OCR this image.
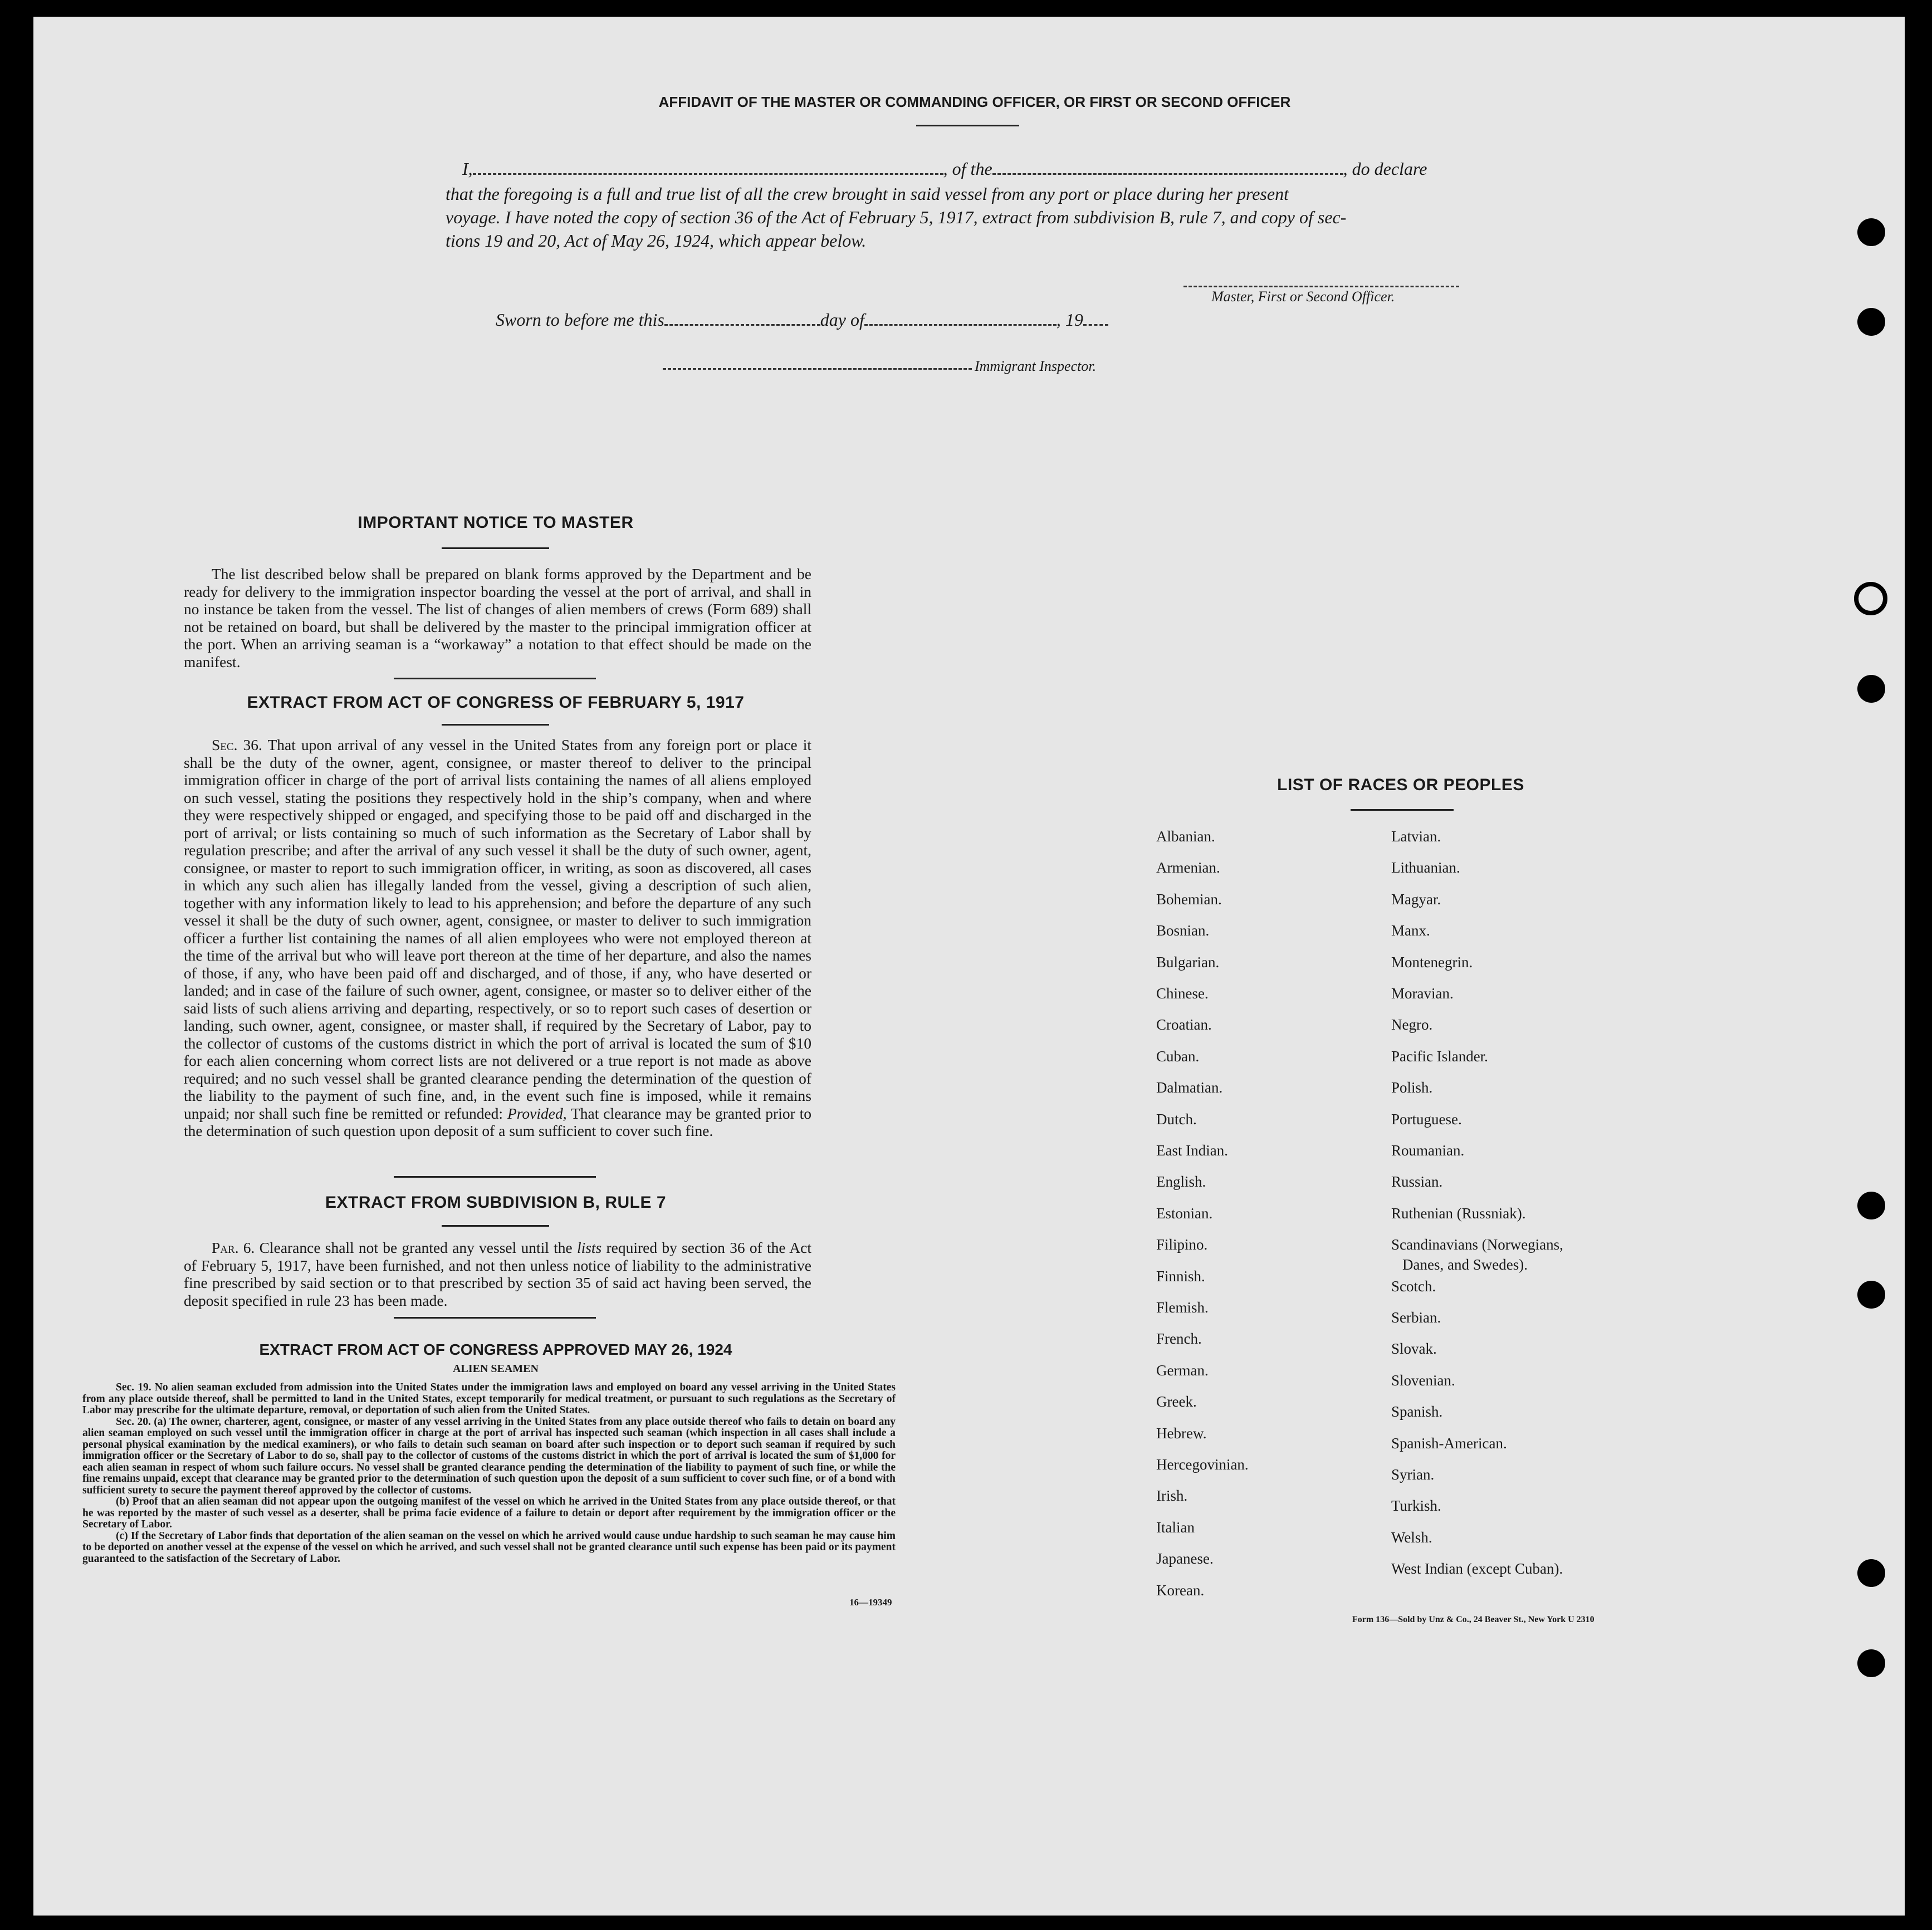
AFFIDAVIT OF THE MASTER OR COMMANDING OFFICER, OR FIRST OR SECOND OFFICER
I,	, of the	, do declare
that the foregoing is a full and true list of all the crew brought in said vessel from any port or place during her present
voyage. I have noted the copy of section 36 of the Act of February 5, 1917, extract from subdivision B, rule 7, and copy of sec-
tions 19 and 20, Act of May 26, 1924, which appear below.
Master, First or Second Officer.
Sworn to before me this	day of	, 19
Immigrant Inspector.
IMPORTANT NOTICE TO MASTER
The list described below shall be prepared on blank forms approved by the Department and be ready for delivery to the immigration inspector boarding the vessel at the port of arrival, and shall in no instance be taken from the vessel. The list of changes of alien members of crews (Form 689) shall not be retained on board, but shall be delivered by the master to the principal immigration officer at the port. When an arriving seaman is a “workaway” a notation to that effect should be made on the manifest.
EXTRACT FROM ACT OF CONGRESS OF FEBRUARY 5, 1917
Sec. 36. That upon arrival of any vessel in the United States from any foreign port or place it shall be the duty of the owner, agent, consignee, or master thereof to deliver to the principal immigration officer in charge of the port of arrival lists containing the names of all aliens employed on such vessel, stating the positions they respectively hold in the ship’s company, when and where they were respectively shipped or engaged, and specifying those to be paid off and discharged in the port of arrival; or lists containing so much of such information as the Secretary of Labor shall by regulation prescribe; and after the arrival of any such vessel it shall be the duty of such owner, agent, consignee, or master to report to such immigration officer, in writing, as soon as discovered, all cases in which any such alien has illegally landed from the vessel, giving a description of such alien, together with any information likely to lead to his apprehension; and before the departure of any such vessel it shall be the duty of such owner, agent, consignee, or master to deliver to such immigration officer a further list containing the names of all alien employees who were not employed thereon at the time of the arrival but who will leave port thereon at the time of her departure, and also the names of those, if any, who have been paid off and discharged, and of those, if any, who have deserted or landed; and in case of the failure of such owner, agent, consignee, or master so to deliver either of the said lists of such aliens arriving and departing, respectively, or so to report such cases of desertion or landing, such owner, agent, consignee, or master shall, if required by the Secretary of Labor, pay to the collector of customs of the customs district in which the port of arrival is located the sum of $10 for each alien concerning whom correct lists are not delivered or a true report is not made as above required; and no such vessel shall be granted clearance pending the determination of the question of the liability to the payment of such fine, and, in the event such fine is imposed, while it remains unpaid; nor shall such fine be remitted or refunded: Provided, That clearance may be granted prior to the determination of such question upon deposit of a sum sufficient to cover such fine.
EXTRACT FROM SUBDIVISION B, RULE 7
Par. 6. Clearance shall not be granted any vessel until the lists required by section 36 of the Act of February 5, 1917, have been furnished, and not then unless notice of liability to the administrative fine prescribed by said section or to that prescribed by section 35 of said act having been served, the deposit specified in rule 23 has been made.
EXTRACT FROM ACT OF CONGRESS APPROVED MAY 26, 1924
ALIEN SEAMEN
Sec. 19. No alien seaman excluded from admission into the United States under the immigration laws and employed on board any vessel arriving in the United States from any place outside thereof, shall be permitted to land in the United States, except temporarily for medical treatment, or pursuant to such regulations as the Secretary of Labor may prescribe for the ultimate departure, removal, or deportation of such alien from the United States.
Sec. 20. (a) The owner, charterer, agent, consignee, or master of any vessel arriving in the United States from any place outside thereof who fails to detain on board any alien seaman employed on such vessel until the immigration officer in charge at the port of arrival has inspected such seaman (which inspection in all cases shall include a personal physical examination by the medical examiners), or who fails to detain such seaman on board after such inspection or to deport such seaman if required by such immigration officer or the Secretary of Labor to do so, shall pay to the collector of customs of the customs district in which the port of arrival is located the sum of $1,000 for each alien seaman in respect of whom such failure occurs. No vessel shall be granted clearance pending the determination of the liability to payment of such fine, or while the fine remains unpaid, except that clearance may be granted prior to the determination of such question upon the deposit of a sum sufficient to cover such fine, or of a bond with sufficient surety to secure the payment thereof approved by the collector of customs.
(b) Proof that an alien seaman did not appear upon the outgoing manifest of the vessel on which he arrived in the United States from any place outside thereof, or that he was reported by the master of such vessel as a deserter, shall be prima facie evidence of a failure to detain or deport after requirement by the immigration officer or the Secretary of Labor.
(c) If the Secretary of Labor finds that deportation of the alien seaman on the vessel on which he arrived would cause undue hardship to such seaman he may cause him to be deported on another vessel at the expense of the vessel on which he arrived, and such vessel shall not be granted clearance until such expense has been paid or its payment guaranteed to the satisfaction of the Secretary of Labor.
16—19349
LIST OF RACES OR PEOPLES
Albanian.
Armenian.
Bohemian.
Bosnian.
Bulgarian.
Chinese.
Croatian.
Cuban.
Dalmatian.
Dutch.
East Indian.
English.
Estonian.
Filipino.
Finnish.
Flemish.
French.
German.
Greek.
Hebrew.
Hercegovinian.
Irish.
Italian
Japanese.
Korean.
Latvian.
Lithuanian.
Magyar.
Manx.
Montenegrin.
Moravian.
Negro.
Pacific Islander.
Polish.
Portuguese.
Roumanian.
Russian.
Ruthenian (Russniak).
Scandinavians (Norwegians,
Danes, and Swedes).
Scotch.
Serbian.
Slovak.
Slovenian.
Spanish.
Spanish-American.
Syrian.
Turkish.
Welsh.
West Indian (except Cuban).
Form 136—Sold by Unz & Co., 24 Beaver St., New York U 2310
